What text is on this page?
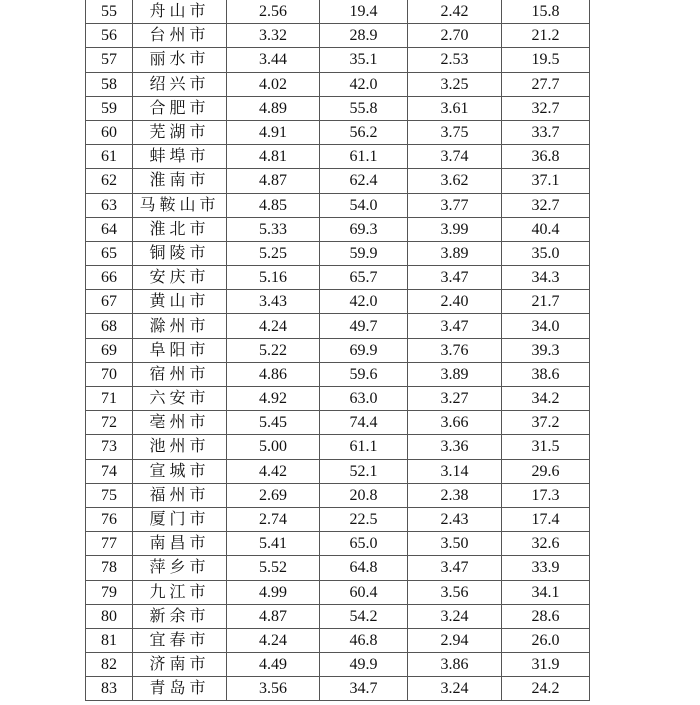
55	舟山市	2.56	19.4	2.42	15.8
56	台州市	3.32	28.9	2.70	21.2
57	丽水市	3.44	35.1	2.53	19.5
58	绍兴市	4.02	42.0	3.25	27.7
59	合肥市	4.89	55.8	3.61	32.7
60	芜湖市	4.91	56.2	3.75	33.7
61	蚌埠市	4.81	61.1	3.74	36.8
62	淮南市	4.87	62.4	3.62	37.1
63	马鞍山市	4.85	54.0	3.77	32.7
64	淮北市	5.33	69.3	3.99	40.4
65	铜陵市	5.25	59.9	3.89	35.0
66	安庆市	5.16	65.7	3.47	34.3
67	黄山市	3.43	42.0	2.40	21.7
68	滁州市	4.24	49.7	3.47	34.0
69	阜阳市	5.22	69.9	3.76	39.3
70	宿州市	4.86	59.6	3.89	38.6
71	六安市	4.92	63.0	3.27	34.2
72	亳州市	5.45	74.4	3.66	37.2
73	池州市	5.00	61.1	3.36	31.5
74	宣城市	4.42	52.1	3.14	29.6
75	福州市	2.69	20.8	2.38	17.3
76	厦门市	2.74	22.5	2.43	17.4
77	南昌市	5.41	65.0	3.50	32.6
78	萍乡市	5.52	64.8	3.47	33.9
79	九江市	4.99	60.4	3.56	34.1
80	新余市	4.87	54.2	3.24	28.6
81	宜春市	4.24	46.8	2.94	26.0
82	济南市	4.49	49.9	3.86	31.9
83	青岛市	3.56	34.7	3.24	24.2
